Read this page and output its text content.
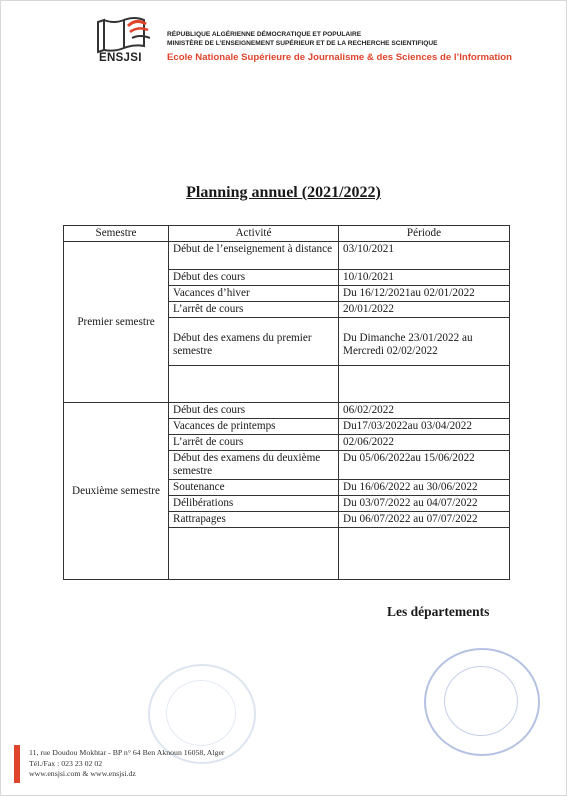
ENSJSI
RÉPUBLIQUE ALGÉRIENNE DÉMOCRATIQUE ET POPULAIRE
MINISTÈRE DE L’ENSEIGNEMENT SUPÉRIEUR ET DE LA RECHERCHE SCIENTIFIQUE
Ecole Nationale Supérieure de Journalisme & des Sciences de l’Information
Planning annuel (2021/2022)
Semestre	Activité	Période
Premier semestre	Début de l’enseignement à distance	03/10/2021
	Début des cours	10/10/2021
	Vacances d’hiver	Du 16/12/2021au 02/01/2022
	L’arrêt de cours	20/01/2022
	Début des examens du premier semestre	Du Dimanche 23/01/2022 au Mercredi 02/02/2022

Deuxième semestre	Début des cours	06/02/2022
	Vacances de printemps	Du17/03/2022au 03/04/2022
	L’arrêt de cours	02/06/2022
	Début des examens du deuxième semestre	Du 05/06/2022au 15/06/2022
	Soutenance	Du 16/06/2022 au 30/06/2022
	Délibérations	Du 03/07/2022 au 04/07/2022
	Rattrapages	Du 06/07/2022 au 07/07/2022

Les départements
11, rue Doudou Mokhtar - BP n° 64 Ben Aknoun 16058, Alger
Tél./Fax : 023 23 02 02
www.ensjsi.com & www.ensjsi.dz
